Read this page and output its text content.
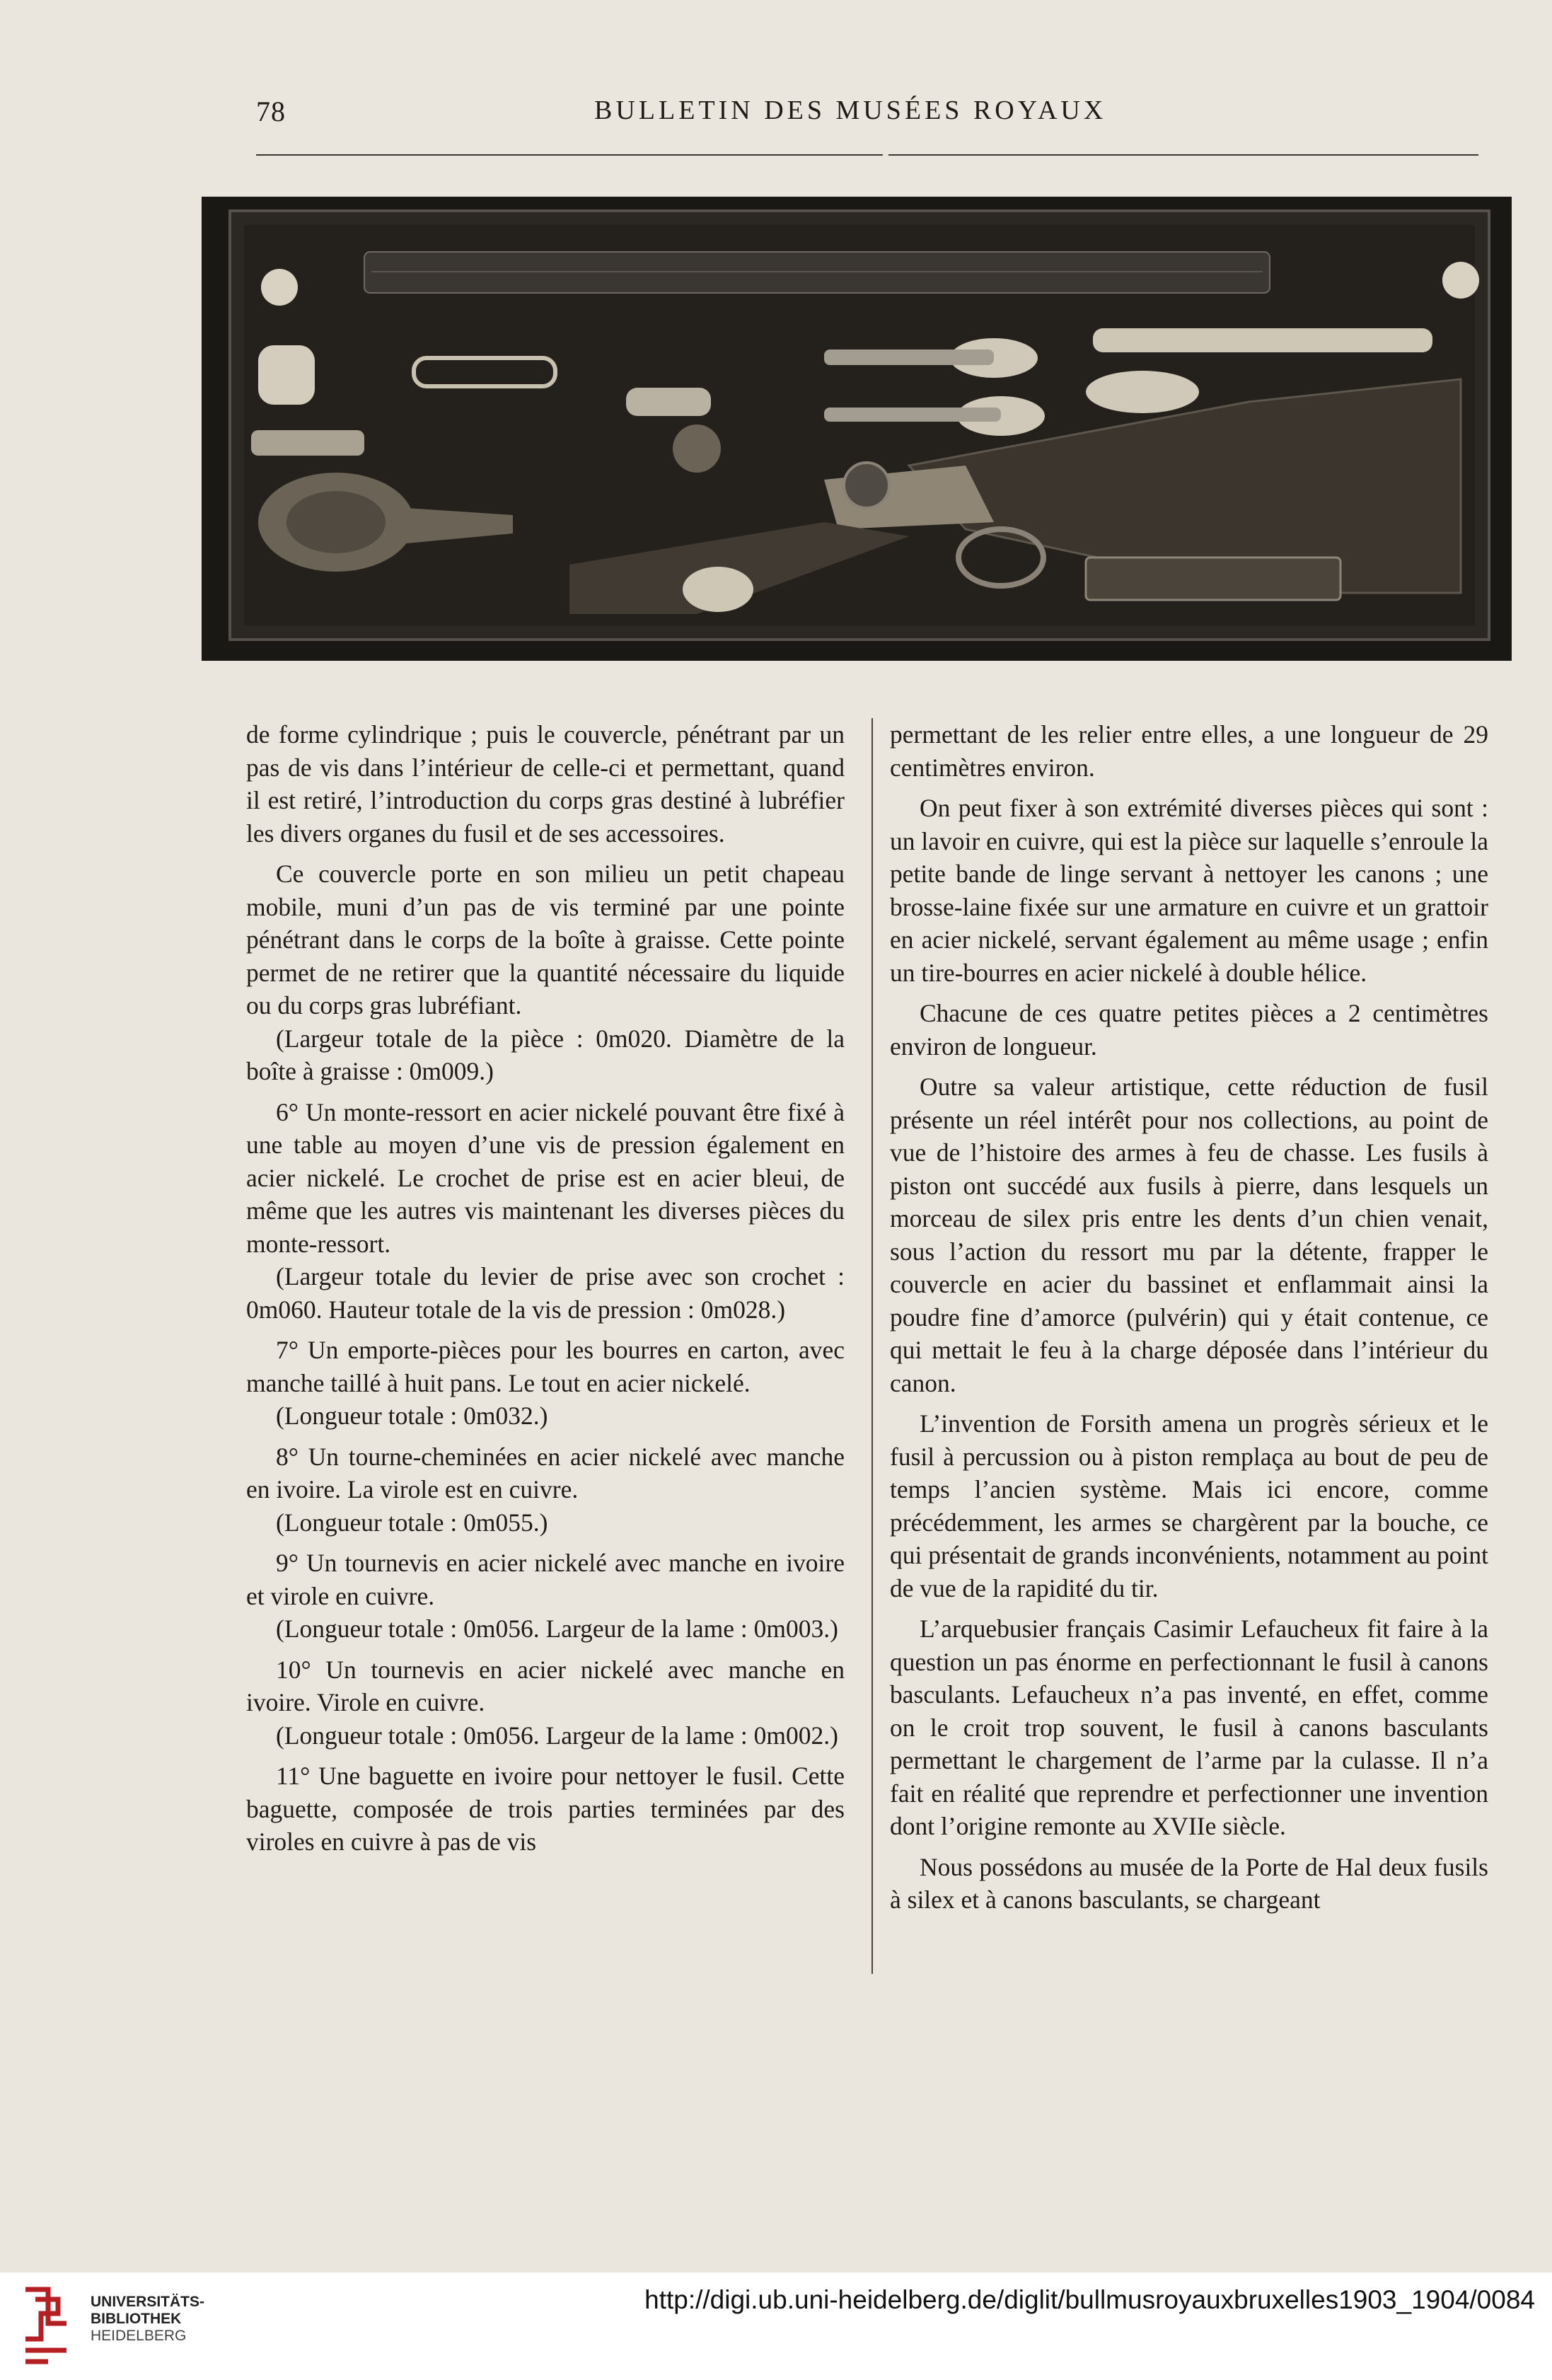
78	BULLETIN DES MUSÉES ROYAUX

de forme cylindrique ; puis le couvercle, pénétrant par un pas de vis dans l’intérieur de celle-ci et permettant, quand il est retiré, l’introduction du corps gras destiné à lubréfier les divers organes du fusil et de ses accessoires.

Ce couvercle porte en son milieu un petit chapeau mobile, muni d’un pas de vis terminé par une pointe pénétrant dans le corps de la boîte à graisse. Cette pointe permet de ne retirer que la quantité nécessaire du liquide ou du corps gras lubréfiant.

(Largeur totale de la pièce : 0m020. Diamètre de la boîte à graisse : 0m009.)

6° Un monte-ressort en acier nickelé pouvant être fixé à une table au moyen d’une vis de pression également en acier nickelé. Le crochet de prise est en acier bleui, de même que les autres vis maintenant les diverses pièces du monte-ressort.

(Largeur totale du levier de prise avec son crochet : 0m060. Hauteur totale de la vis de pression : 0m028.)

7° Un emporte-pièces pour les bourres en carton, avec manche taillé à huit pans. Le tout en acier nickelé.

(Longueur totale : 0m032.)

8° Un tourne-cheminées en acier nickelé avec manche en ivoire. La virole est en cuivre.

(Longueur totale : 0m055.)

9° Un tournevis en acier nickelé avec manche en ivoire et virole en cuivre.

(Longueur totale : 0m056. Largeur de la lame : 0m003.)

10° Un tournevis en acier nickelé avec manche en ivoire. Virole en cuivre.

(Longueur totale : 0m056. Largeur de la lame : 0m002.)

11° Une baguette en ivoire pour nettoyer le fusil. Cette baguette, composée de trois parties terminées par des viroles en cuivre à pas de vis

permettant de les relier entre elles, a une longueur de 29 centimètres environ.

On peut fixer à son extrémité diverses pièces qui sont : un lavoir en cuivre, qui est la pièce sur laquelle s’enroule la petite bande de linge servant à nettoyer les canons ; une brosse-laine fixée sur une armature en cuivre et un grattoir en acier nickelé, servant également au même usage ; enfin un tire-bourres en acier nickelé à double hélice.

Chacune de ces quatre petites pièces a 2 centimètres environ de longueur.

Outre sa valeur artistique, cette réduction de fusil présente un réel intérêt pour nos collections, au point de vue de l’histoire des armes à feu de chasse. Les fusils à piston ont succédé aux fusils à pierre, dans lesquels un morceau de silex pris entre les dents d’un chien venait, sous l’action du ressort mu par la détente, frapper le couvercle en acier du bassinet et enflammait ainsi la poudre fine d’amorce (pulvérin) qui y était contenue, ce qui mettait le feu à la charge déposée dans l’intérieur du canon.

L’invention de Forsith amena un progrès sérieux et le fusil à percussion ou à piston remplaça au bout de peu de temps l’ancien système. Mais ici encore, comme précédemment, les armes se chargèrent par la bouche, ce qui présentait de grands inconvénients, notamment au point de vue de la rapidité du tir.

L’arquebusier français Casimir Lefaucheux fit faire à la question un pas énorme en perfectionnant le fusil à canons basculants. Lefaucheux n’a pas inventé, en effet, comme on le croit trop souvent, le fusil à canons basculants permettant le chargement de l’arme par la culasse. Il n’a fait en réalité que reprendre et perfectionner une invention dont l’origine remonte au XVIIe siècle.

Nous possédons au musée de la Porte de Hal deux fusils à silex et à canons basculants, se chargeant

UNIVERSITÄTS-
BIBLIOTHEK
HEIDELBERG
http://digi.ub.uni-heidelberg.de/diglit/bullmusroyauxbruxelles1903_1904/0084
